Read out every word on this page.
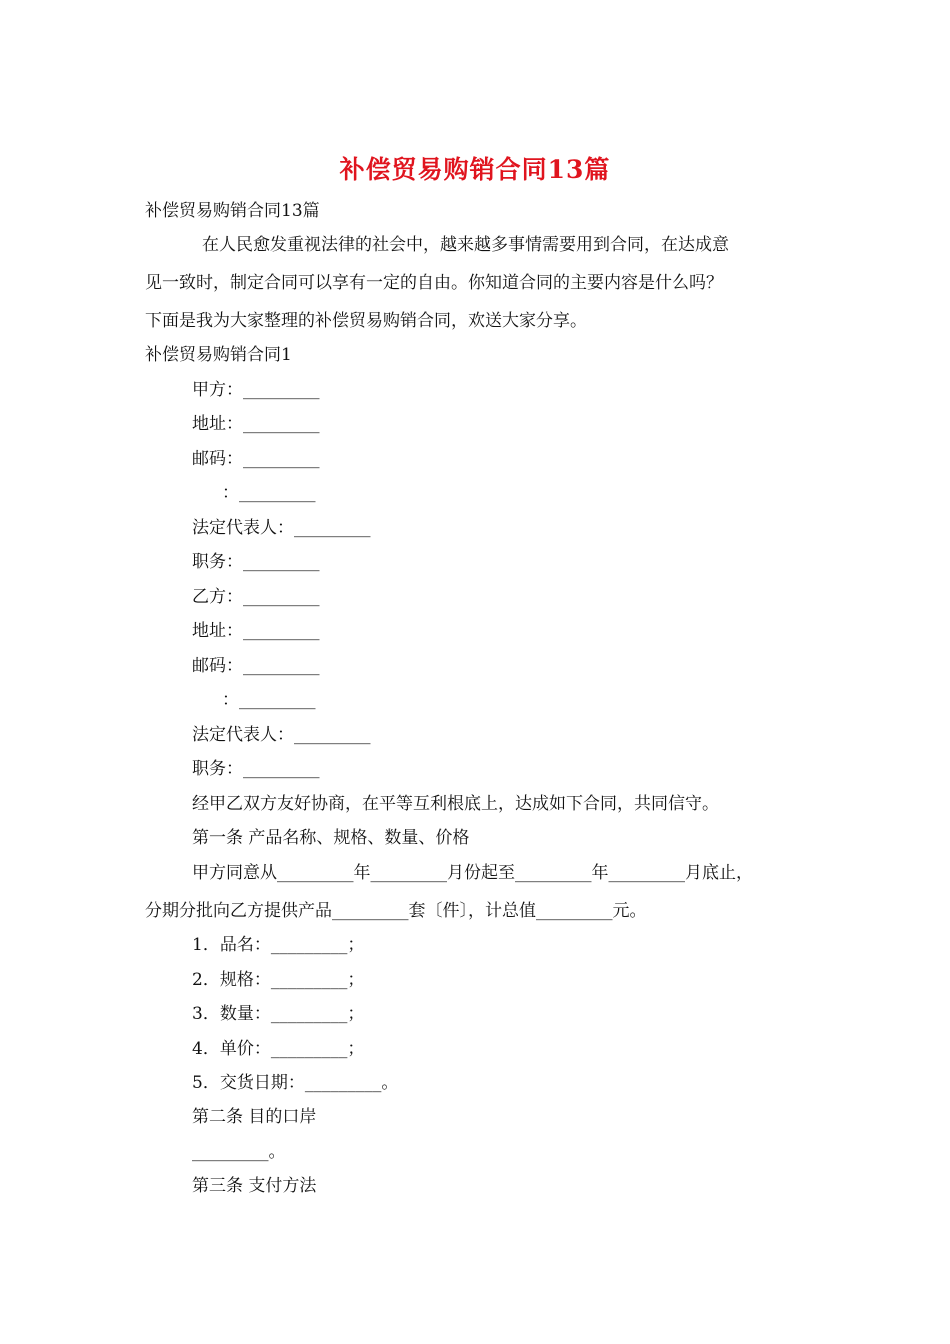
补偿贸易购销合同13篇
补偿贸易购销合同13篇
在人民愈发重视法律的社会中，越来越多事情需要用到合同，在达成意
见一致时，制定合同可以享有一定的自由。你知道合同的主要内容是什么吗？
下面是我为大家整理的补偿贸易购销合同，欢送大家分享。
补偿贸易购销合同1
甲方：_________
地址：_________
邮码：_________
：_________
法定代表人：_________
职务：_________
乙方：_________
地址：_________
邮码：_________
：_________
法定代表人：_________
职务：_________
经甲乙双方友好协商，在平等互利根底上，达成如下合同，共同信守。
第一条 产品名称、规格、数量、价格
甲方同意从_________年_________月份起至_________年_________月底止，
分期分批向乙方提供产品_________套〔件〕，计总值_________元。
1．品名：_________；
2．规格：_________；
3．数量：_________；
4．单价：_________；
5．交货日期：_________。
第二条 目的口岸
_________。
第三条 支付方法
